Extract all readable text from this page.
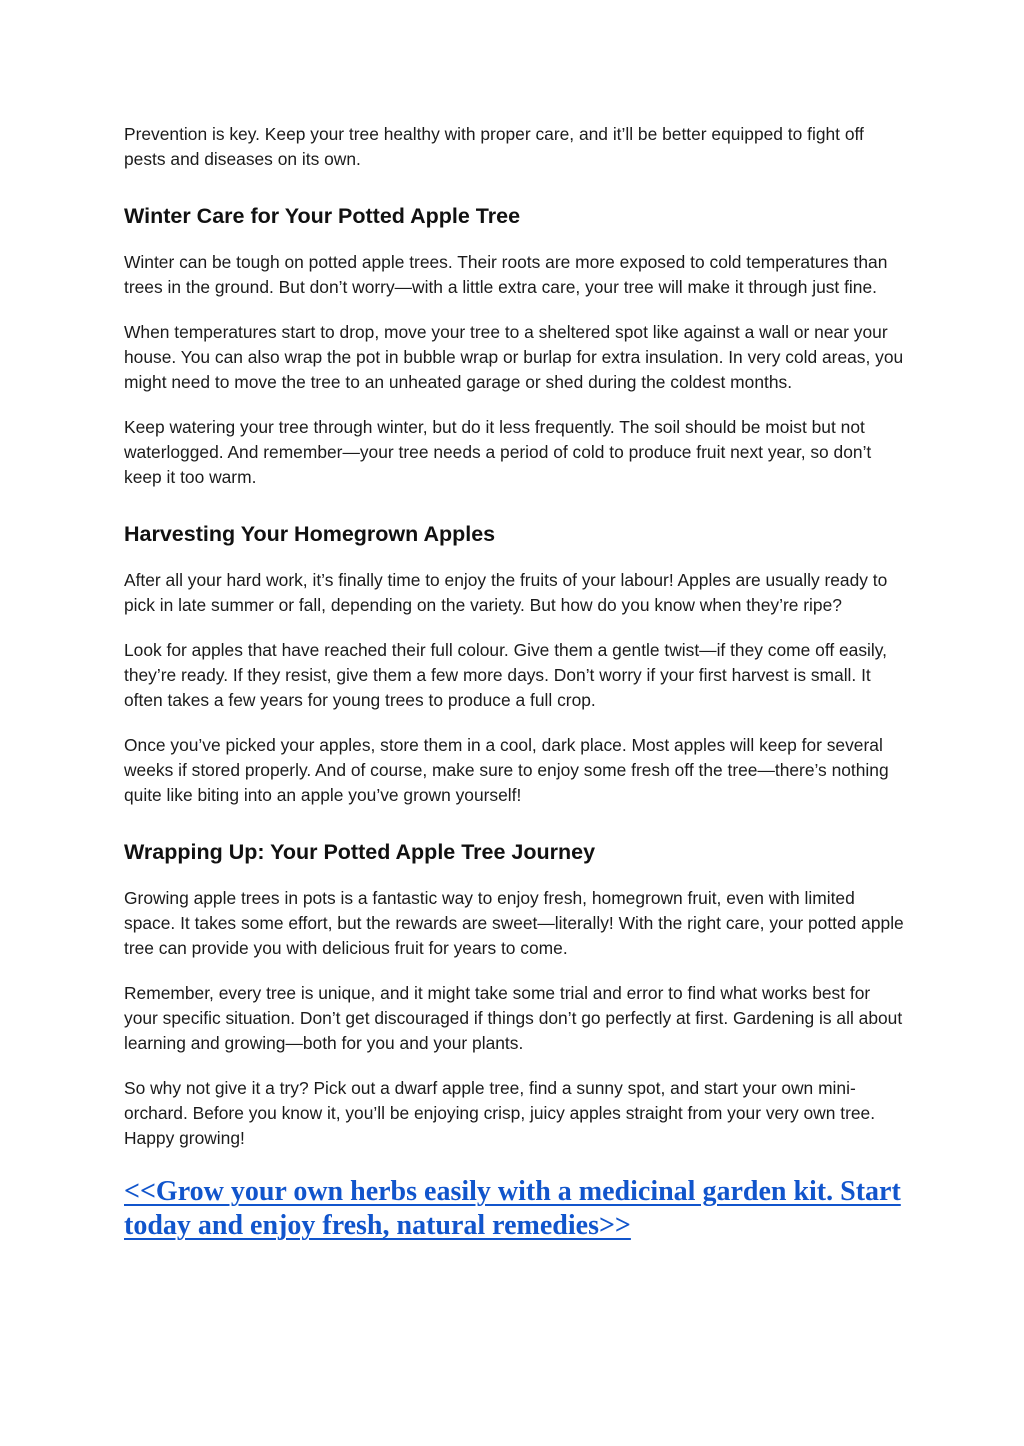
Prevention is key. Keep your tree healthy with proper care, and it’ll be better equipped to fight off pests and diseases on its own.

Winter Care for Your Potted Apple Tree

Winter can be tough on potted apple trees. Their roots are more exposed to cold temperatures than trees in the ground. But don’t worry—with a little extra care, your tree will make it through just fine.

When temperatures start to drop, move your tree to a sheltered spot like against a wall or near your house. You can also wrap the pot in bubble wrap or burlap for extra insulation. In very cold areas, you might need to move the tree to an unheated garage or shed during the coldest months.

Keep watering your tree through winter, but do it less frequently. The soil should be moist but not waterlogged. And remember—your tree needs a period of cold to produce fruit next year, so don’t keep it too warm.

Harvesting Your Homegrown Apples

After all your hard work, it’s finally time to enjoy the fruits of your labour! Apples are usually ready to pick in late summer or fall, depending on the variety. But how do you know when they’re ripe?

Look for apples that have reached their full colour. Give them a gentle twist—if they come off easily, they’re ready. If they resist, give them a few more days. Don’t worry if your first harvest is small. It often takes a few years for young trees to produce a full crop.

Once you’ve picked your apples, store them in a cool, dark place. Most apples will keep for several weeks if stored properly. And of course, make sure to enjoy some fresh off the tree—there’s nothing quite like biting into an apple you’ve grown yourself!

Wrapping Up: Your Potted Apple Tree Journey

Growing apple trees in pots is a fantastic way to enjoy fresh, homegrown fruit, even with limited space. It takes some effort, but the rewards are sweet—literally! With the right care, your potted apple tree can provide you with delicious fruit for years to come.

Remember, every tree is unique, and it might take some trial and error to find what works best for your specific situation. Don’t get discouraged if things don’t go perfectly at first. Gardening is all about learning and growing—both for you and your plants.

So why not give it a try? Pick out a dwarf apple tree, find a sunny spot, and start your own mini-orchard. Before you know it, you’ll be enjoying crisp, juicy apples straight from your very own tree. Happy growing!

<<Grow your own herbs easily with a medicinal garden kit. Start today and enjoy fresh, natural remedies>>
